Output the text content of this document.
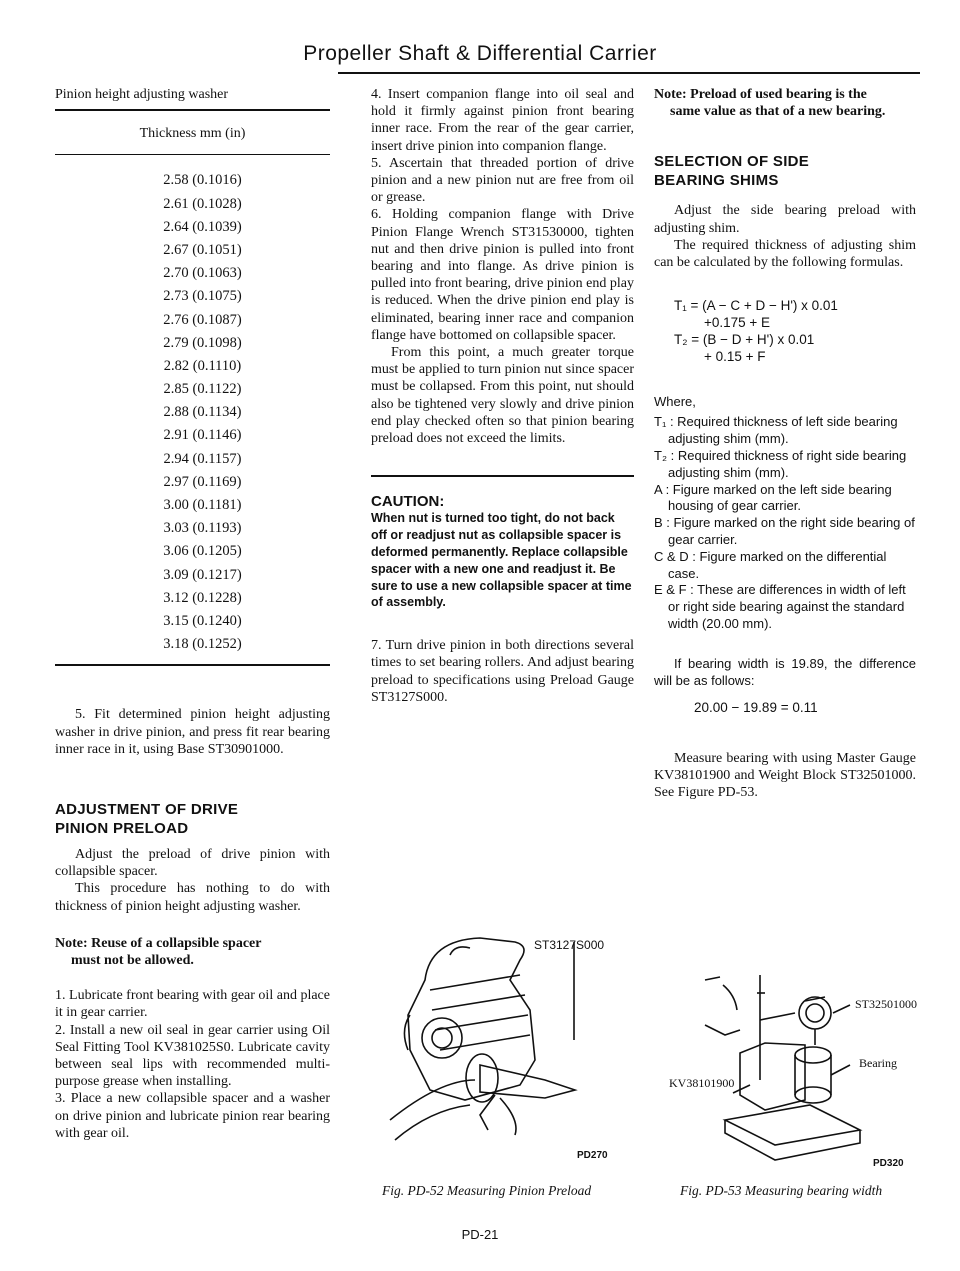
Propeller Shaft & Differential Carrier

Pinion height adjusting washer

Thickness mm (in)

2.58 (0.1016)
2.61 (0.1028)
2.64 (0.1039)
2.67 (0.1051)
2.70 (0.1063)
2.73 (0.1075)
2.76 (0.1087)
2.79 (0.1098)
2.82 (0.1110)
2.85 (0.1122)
2.88 (0.1134)
2.91 (0.1146)
2.94 (0.1157)
2.97 (0.1169)
3.00 (0.1181)
3.03 (0.1193)
3.06 (0.1205)
3.09 (0.1217)
3.12 (0.1228)
3.15 (0.1240)
3.18 (0.1252)

5. Fit determined pinion height adjusting washer in drive pinion, and press fit rear bearing inner race in it, using Base ST30901000.

ADJUSTMENT OF DRIVE
PINION PRELOAD

Adjust the preload of drive pinion with collapsible spacer.

This procedure has nothing to do with thickness of pinion height adjusting washer.

Note: Reuse of a collapsible spacer

must not be allowed.

1. Lubricate front bearing with gear oil and place it in gear carrier.

2. Install a new oil seal in gear carrier using Oil Seal Fitting Tool KV381025S0. Lubricate cavity between seal lips with recommended multi-purpose grease when installing.

3. Place a new collapsible spacer and a washer on drive pinion and lubricate pinion rear bearing with gear oil.

4. Insert companion flange into oil seal and hold it firmly against pinion front bearing inner race. From the rear of the gear carrier, insert drive pinion into companion flange.

5. Ascertain that threaded portion of drive pinion and a new pinion nut are free from oil or grease.

6. Holding companion flange with Drive Pinion Flange Wrench ST31530000, tighten nut and then drive pinion is pulled into front bearing and into flange. As drive pinion is pulled into front bearing, drive pinion end play is reduced. When the drive pinion end play is eliminated, bearing inner race and companion flange have bottomed on collapsible spacer.

From this point, a much greater torque must be applied to turn pinion nut since spacer must be collapsed. From this point, nut should also be tightened very slowly and drive pinion end play checked often so that pinion bearing preload does not exceed the limits.

CAUTION:

When nut is turned too tight, do not back off or readjust nut as collapsible spacer is deformed permanently. Replace collapsible spacer with a new one and readjust it. Be sure to use a new collapsible spacer at time of assembly.

7. Turn drive pinion in both directions several times to set bearing rollers. And adjust bearing preload to specifications using Preload Gauge ST3127S000.

ST3127S000
PD270
Fig. PD-52 Measuring Pinion Preload

Note: Preload of used bearing is the

same value as that of a new bearing.

SELECTION OF SIDE
BEARING SHIMS

Adjust the side bearing preload with adjusting shim.

The required thickness of adjusting shim can be calculated by the following formulas.

T₁ = (A − C + D − H') x 0.01

+0.175 + E

T₂ = (B − D + H') x 0.01

+ 0.15 + F

Where,

T₁ : Required thickness of left side bearing adjusting shim (mm).

T₂ : Required thickness of right side bearing adjusting shim (mm).

A : Figure marked on the left side bearing housing of gear carrier.

B : Figure marked on the right side bearing of gear carrier.

C & D : Figure marked on the differential case.

E & F : These are differences in width of left or right side bearing against the standard width (20.00 mm).

If bearing width is 19.89, the difference will be as follows:

20.00 − 19.89 = 0.11

Measure bearing with using Master Gauge KV38101900 and Weight Block ST32501000. See Figure PD-53.

ST32501000
Bearing
KV38101900
PD320
Fig. PD-53 Measuring bearing width
PD-21
